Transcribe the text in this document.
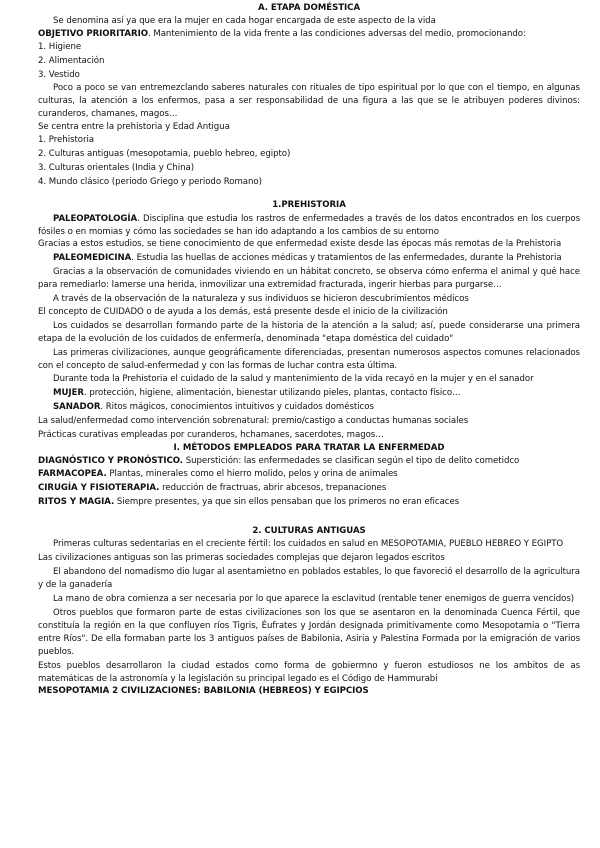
A. ETAPA DOMÉSTICA

Se denomina así ya que era la mujer en cada hogar encargada de este aspecto de la vida

OBJETIVO PRIORITARIO. Mantenimiento de la vida frente a las condiciones adversas del medio, promocionando:

1. Higiene

2. Alimentación

3. Vestido

Poco a poco se van entremezclando saberes naturales con rituales de tipo espiritual por lo que con el tiempo, en algunas culturas, la atención a los enfermos, pasa a ser responsabilidad de una figura a las que se le atribuyen poderes divinos: curanderos, chamanes, magos…

Se centra entre la prehistoria y Edad Antigua

1. Prehistoria

2. Culturas antiguas (mesopotamia, pueblo hebreo, egipto)

3. Culturas orientales (India y China)

4. Mundo clásico (periodo Griego y periodo Romano)

1.PREHISTORIA

PALEOPATOLOGÍA. Disciplina que estudia los rastros de enfermedades a través de los datos encontrados en los cuerpos fósiles o en momias y cómo las sociedades se han ido adaptando a los cambios de su entorno

Gracias a estos estudios, se tiene conocimiento de que enfermedad existe desde las épocas más remotas de la Prehistoria

PALEOMEDICINA. Estudia las huellas de acciones médicas y tratamientos de las enfermedades, durante la Prehistoria

Gracias a la observación de comunidades viviendo en un hábitat concreto, se observa cómo enferma el animal y qué hace para remediarlo: lamerse una herida, inmovilizar una extremidad fracturada, ingerir hierbas para purgarse…

A través de la observación de la naturaleza y sus individuos se hicieron descubrimientos médicos

El concepto de CUIDADO o de ayuda a los demás, está presente desde el inicio de la civilización

Los cuidados se desarrollan formando parte de la historia de la atención a la salud; así, puede considerarse una primera etapa de la evolución de los cuidados de enfermería, denominada "etapa doméstica del cuidado"

Las primeras civilizaciones, aunque geográficamente diferenciadas, presentan numerosos aspectos comunes relacionados con el concepto de salud-enfermedad y con las formas de luchar contra esta última.

Durante toda la Prehistoria el cuidado de la salud y mantenimiento de la vida recayó en la mujer y en el sanador

MUJER. protección, higiene, alimentación, bienestar utilizando pieles, plantas, contacto físico…

SANADOR. Ritos mágicos, conocimientos intuitivos y cuidados domésticos

La salud/enfermedad como intervención sobrenatural: premio/castigo a conductas humanas sociales

Prácticas curativas empleadas por curanderos, hchamanes, sacerdotes, magos…

I. MÉTODOS EMPLEADOS PARA TRATAR LA ENFERMEDAD

DIAGNÓSTICO Y PRONÓSTICO. Superstición: las enfermedades se clasifican según el tipo de delito cometidco

FARMACOPEA. Plantas, minerales como el hierro molido, pelos y orina de animales

CIRUGÍA Y FISIOTERAPIA. reducción de fractruas, abrir abcesos, trepanaciones

RITOS Y MAGIA. Siempre presentes, ya que sin ellos pensaban que los primeros no eran eficaces

2. CULTURAS ANTIGUAS

Primeras culturas sedentarias en el creciente fértil: los cuidados en salud en MESOPOTAMIA, PUEBLO HEBREO Y EGIPTO

Las civilizaciones antiguas son las primeras sociedades complejas que dejaron legados escritos

El abandono del nomadismo dio lugar al asentamietno en poblados estables, lo que favoreció el desarrollo de la agricultura y de la ganadería

La mano de obra comienza a ser necesaria por lo que aparece la esclavitud (rentable tener enemigos de guerra vencidos)

Otros pueblos que formaron parte de estas civilizaciones son los que se asentaron en la denominada Cuenca Fértil, que constituía la región en la que confluyen ríos Tigris, Éufrates y Jordán designada primitivamente como Mesopotamia o "Tierra entre Ríos". De ella formaban parte los 3 antiguos países de Babilonia, Asiria y Palestina Formada por la emigración de varios pueblos.

Estos pueblos desarrollaron la ciudad estados como forma de gobiermno y fueron estudiosos ne los ambitos de as matemáticas de la astronomía y la legislación su principal legado es el Código de Hammurabi

MESOPOTAMIA 2 CIVILIZACIONES: BABILONIA (HEBREOS) Y EGIPCIOS
